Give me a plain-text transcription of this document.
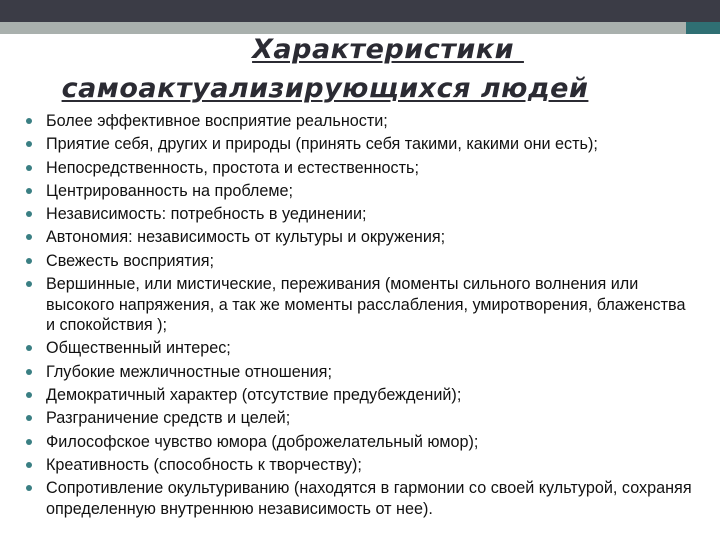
Характеристики
самоактуализирующихся людей
Более эффективное восприятие реальности;
Приятие себя, других и природы (принять себя такими, какими они есть);
Непосредственность, простота и естественность;
Центрированность на проблеме;
Независимость: потребность в уединении;
Автономия: независимость от культуры и окружения;
Свежесть восприятия;
Вершинные, или мистические, переживания (моменты сильного волнения или высокого напряжения, а так же моменты расслабления, умиротворения, блаженства и спокойствия );
Общественный интерес;
Глубокие межличностные отношения;
Демократичный характер (отсутствие предубеждений);
Разграничение средств и целей;
Философское чувство юмора (доброжелательный юмор);
Креативность (способность к творчеству);
Сопротивление окультуриванию (находятся в гармонии со своей культурой, сохраняя определенную внутреннюю независимость от нее).
